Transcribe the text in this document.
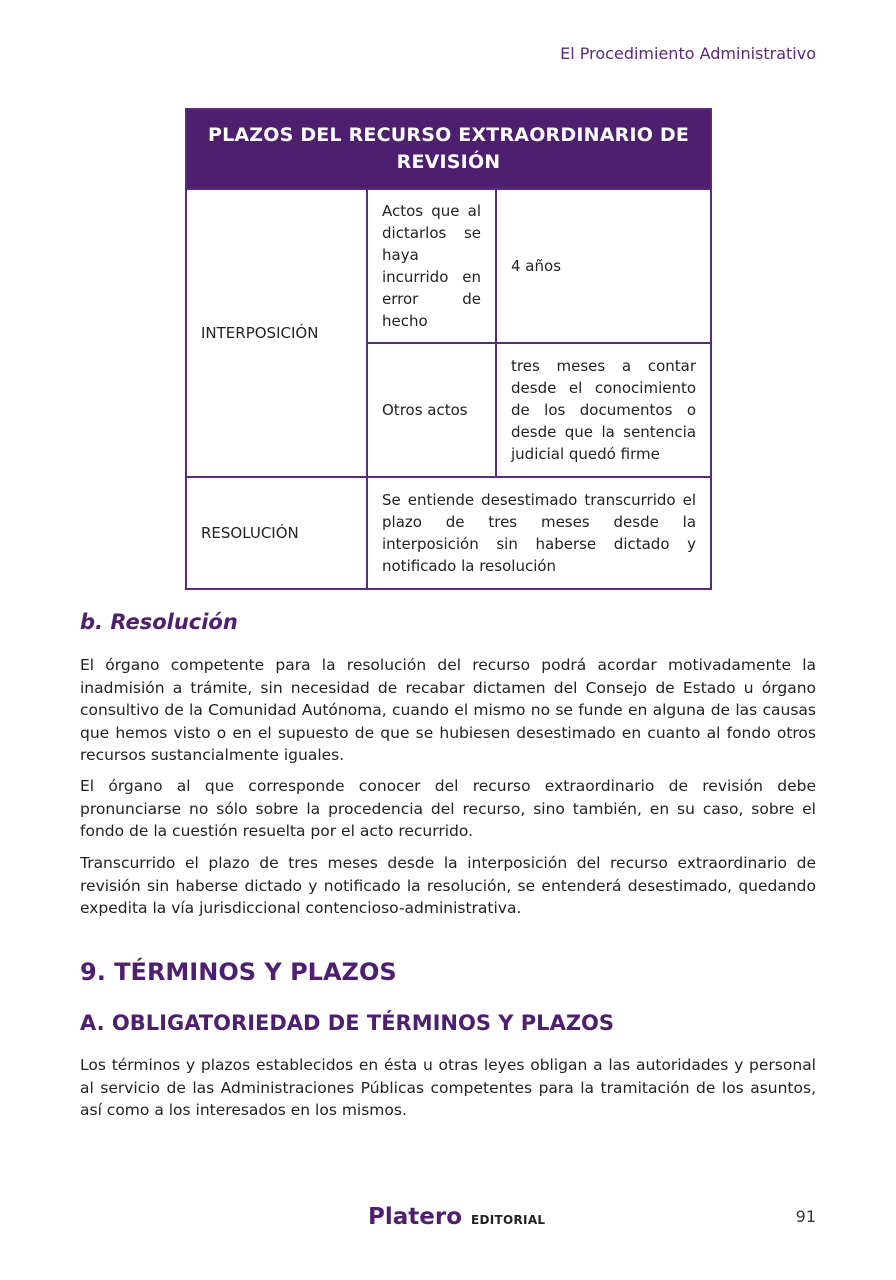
El Procedimiento Administrativo
PLAZOS DEL RECURSO EXTRAORDINARIO DE REVISIÓN		
INTERPOSICIÓN	Actos que al dictarlos se haya incurrido en error de hecho	4 años
	Otros actos	tres meses a contar desde el conocimiento de los documentos o desde que la sentencia judicial quedó firme
RESOLUCIÓN	Se entiende desestimado transcurrido el plazo de tres meses desde la interposición sin haberse dictado y notificado la resolución	
b. Resolución

El órgano competente para la resolución del recurso podrá acordar motivadamente la inadmisión a trámite, sin necesidad de recabar dictamen del Consejo de Estado u órgano consultivo de la Comunidad Autónoma, cuando el mismo no se funde en alguna de las causas que hemos visto o en el supuesto de que se hubiesen desestimado en cuanto al fondo otros recursos sustancialmente iguales.

El órgano al que corresponde conocer del recurso extraordinario de revisión debe pronunciarse no sólo sobre la procedencia del recurso, sino también, en su caso, sobre el fondo de la cuestión resuelta por el acto recurrido.

Transcurrido el plazo de tres meses desde la interposición del recurso extraordinario de revisión sin haberse dictado y notificado la resolución, se entenderá desestimado, quedando expedita la vía jurisdiccional contencioso-administrativa.

9. TÉRMINOS Y PLAZOS
A. OBLIGATORIEDAD DE TÉRMINOS Y PLAZOS

Los términos y plazos establecidos en ésta u otras leyes obligan a las autoridades y personal al servicio de las Administraciones Públicas competentes para la tramitación de los asuntos, así como a los interesados en los mismos.

Platero EDITORIAL	91
